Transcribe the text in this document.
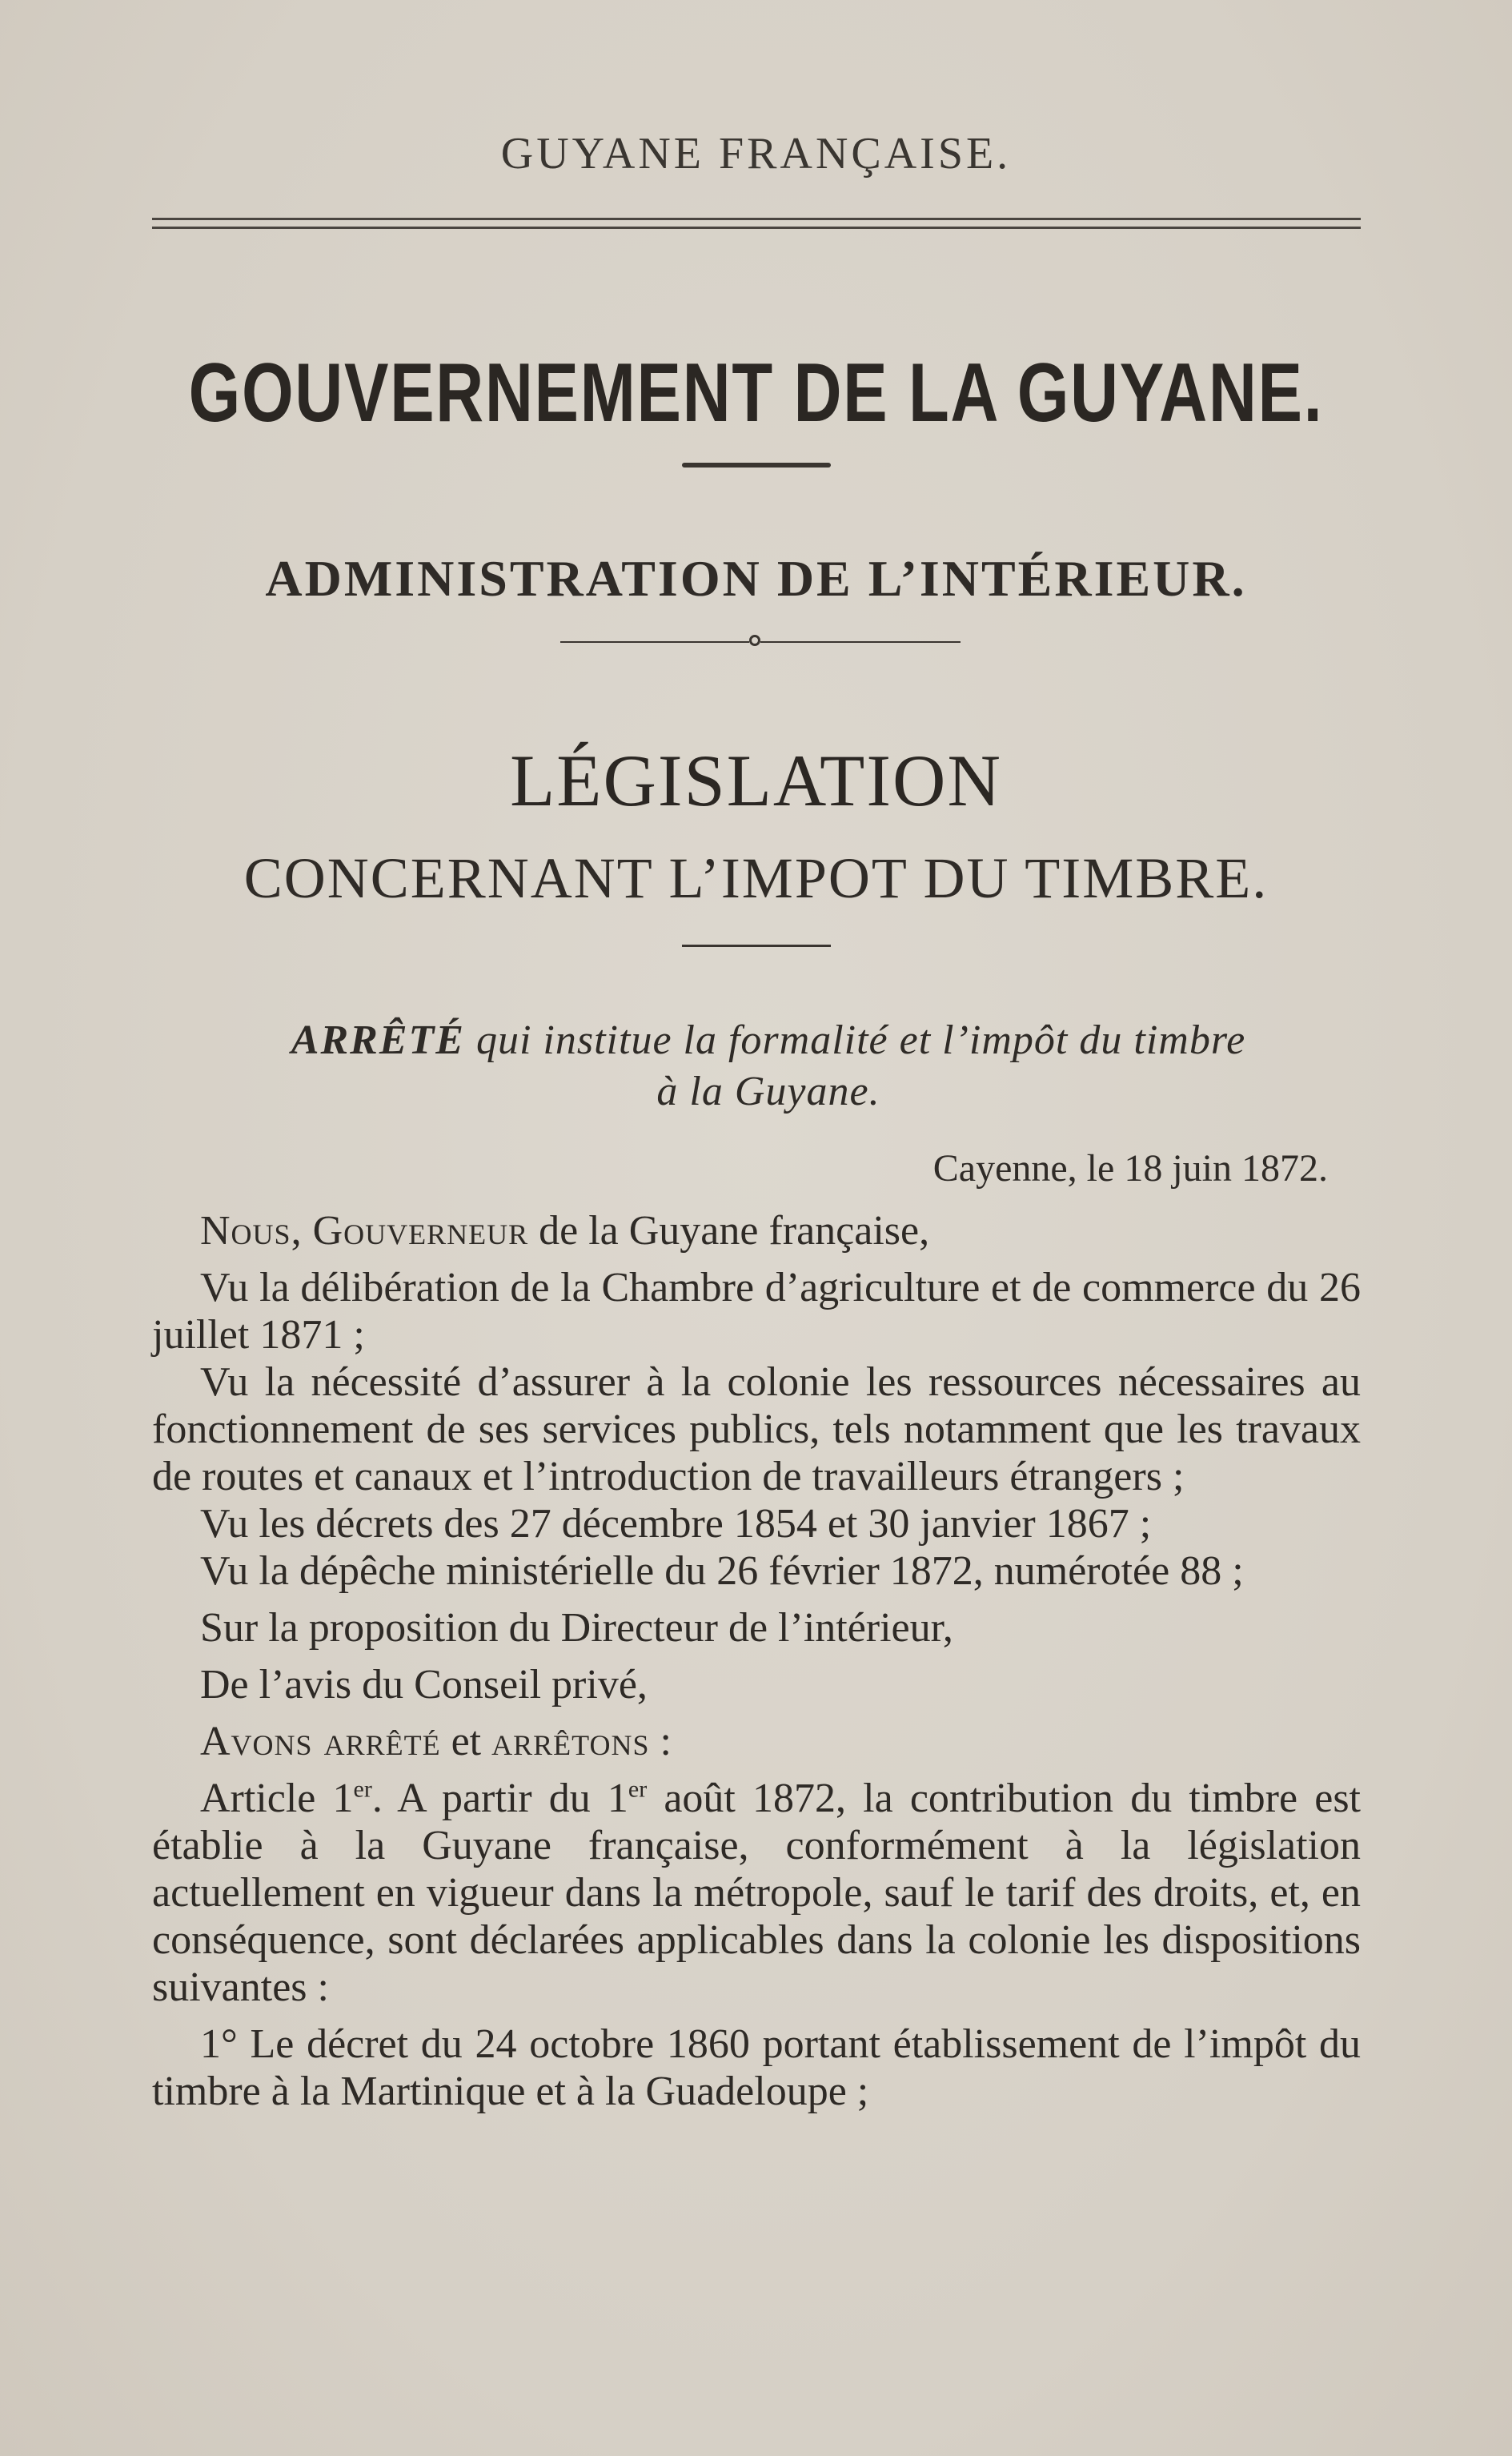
GUYANE FRANÇAISE.
GOUVERNEMENT DE LA GUYANE.
ADMINISTRATION DE L’INTÉRIEUR.
LÉGISLATION
CONCERNANT L’IMPOT DU TIMBRE.
ARRÊTÉ qui institue la formalité et l’impôt du timbre
à la Guyane.
Cayenne, le 18 juin 1872.

Nous, Gouverneur de la Guyane française,

Vu la délibération de la Chambre d’agriculture et de commerce du 26 juillet 1871 ;

Vu la nécessité d’assurer à la colonie les ressources nécessaires au fonctionnement de ses services publics, tels notamment que les travaux de routes et canaux et l’introduction de travailleurs étrangers ;

Vu les décrets des 27 décembre 1854 et 30 janvier 1867 ;

Vu la dépêche ministérielle du 26 février 1872, numérotée 88 ;

Sur la proposition du Directeur de l’intérieur,

De l’avis du Conseil privé,

Avons arrêté et arrêtons :

Article 1er. A partir du 1er août 1872, la contribution du timbre est établie à la Guyane française, conformément à la législation actuellement en vigueur dans la métropole, sauf le tarif des droits, et, en conséquence, sont déclarées applicables dans la colonie les dispositions suivantes :

1° Le décret du 24 octobre 1860 portant établissement de l’impôt du timbre à la Martinique et à la Guadeloupe ;
